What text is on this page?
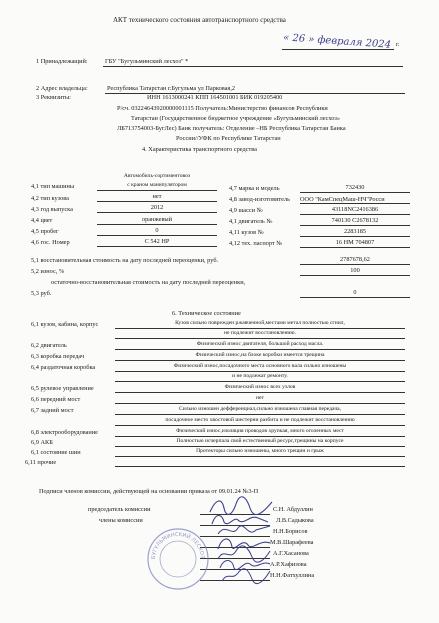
АКТ технического состояния автотранспортного средства
« 26 » февраля 2024 г.
1 Принадлежащий:	ГБУ "Бугульминский лесхоз" *
2 Адрес владельца:	Республика Татарстан г.Бугульма ул Парковая,2
3 Реквизиты:	ИНН 1613000241 КПП 164501001 БИК 019205400
Р/сч. 03224643920000001115 Получатель:Министерство финансов Республики
Татарстан (Государственное бюджетное учреждение «Бугульминский лесхоз»
ЛБ713754003-БугЛес) Банк получатель: Отделение –НБ Республика Татарстан Банка
России//УФК по Республике Татарстан
4. Характеристика транспортного средства
Автомобиль-сортиментовоз
с краном манипулятором
4,1 тип машины
4,2 тип кузова	нет
4,3 год выпуска	2012
4,4 цвет	оранжевый
4,5 пробег	0
4,6 гос. Номер	С 542 НР
4,7 марка и модель	732430
4,8 завод-изготовитель ООО "КамСпецМаш-НЧ"Росси
4,9 шасси №	43118NC2416386
4,1 двигатель №	740130 C2678132
4,11 кузов №	2283185
4,12 тех. паспорт №	16 НМ 704807
5,1 восстановительная стоимость на дату последней переоценки, руб.	2787678,62
5,2 износ, %	100
остаточно-восстановительная стоимость на дату последней переоценки,
5,3 руб.	0
6. Техническое состояние
6,1 кузов, кабина, корпус	Кузов сильно поврежден ржавченной,местами метал полностью сгнил,
не подлежит восстановлению.
6,2 двигатель	Физический износ двигателя, большой расход масла.
6,3 коробка передач	Физический износ,на блоке коробки имеется трещина
6,4 раздаточная коробка	Физический износ,посадочного места основного вала сильно изношены
и не подлежат ремонту.
6,5 рулевое управление	Физический износ всех узлов
6,6 передний мост	нет
6,7 задний мост	Сильно изношен дефференциал,сильно изношена главная передача,
посадочное место хвостовой шестерни разбита и не подлежит восстановлению
6,8 электрооборудование	Физический износ,изоляция проводов хрупкая, много оголенных мест
6,9 АКБ	Полностью исчерпала свой естественный ресурс,трещины на корпусе
6,1 состояние шин	Протекторы сильно изношены, много трещин и грыж
6,11 прочие
Подписи членов комиссии, действующей на основании приказа от 09.01.24 №3-П
председатель комиссии
члены комиссии
С.Н. Абдуллин
Л.В.Садыкова
Н.Н.Борисов
М.В.Шарафеева
А.Г.Хасанова
А.Р.Хафизова
Н.Н.Фатхуллина
БУГУЛЬМИНСКИЙ ЛЕСХОЗ
